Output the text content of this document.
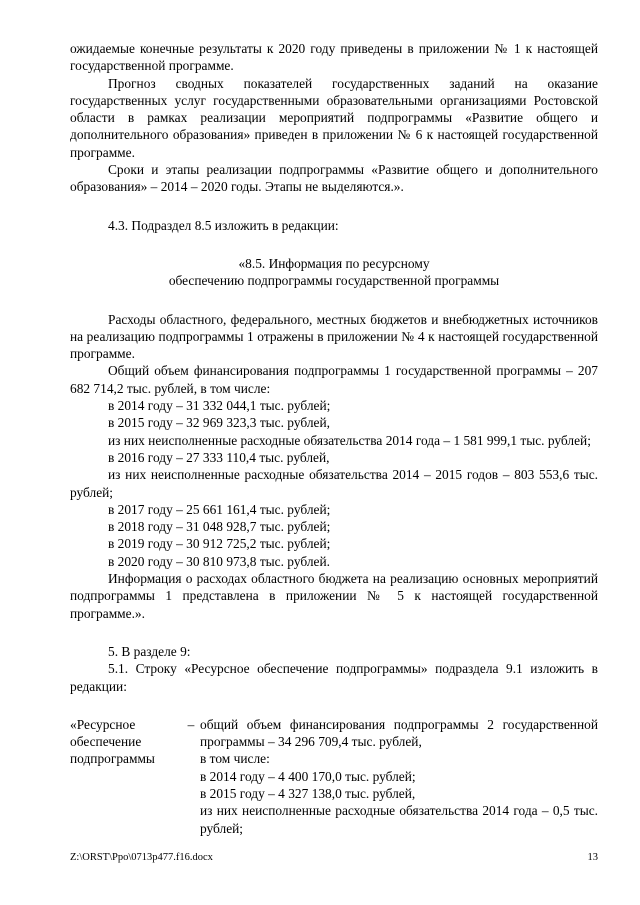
ожидаемые конечные результаты к 2020 году приведены в приложении № 1 к настоящей государственной программе.

Прогноз сводных показателей государственных заданий на оказание государственных услуг государственными образовательными организациями Ростовской области в рамках реализации мероприятий подпрограммы «Развитие общего и дополнительного образования» приведен в приложении № 6 к настоящей государственной программе.

Сроки и этапы реализации подпрограммы «Развитие общего и дополнительного образования» – 2014 – 2020 годы. Этапы не выделяются.».

4.3. Подраздел 8.5 изложить в редакции:

«8.5. Информация по ресурсному

обеспечению подпрограммы государственной программы

Расходы областного, федерального, местных бюджетов и внебюджетных источников на реализацию подпрограммы 1 отражены в приложении № 4 к настоящей государственной программе.

Общий объем финансирования подпрограммы 1 государственной программы – 207 682 714,2 тыс. рублей, в том числе:

в 2014 году – 31 332 044,1 тыс. рублей;

в 2015 году – 32 969 323,3 тыс. рублей,

из них неисполненные расходные обязательства 2014 года – 1 581 999,1 тыс. рублей;

в 2016 году – 27 333 110,4 тыс. рублей,

из них неисполненные расходные обязательства 2014 – 2015 годов – 803 553,6 тыс. рублей;

в 2017 году – 25 661 161,4 тыс. рублей;

в 2018 году – 31 048 928,7 тыс. рублей;

в 2019 году – 30 912 725,2 тыс. рублей;

в 2020 году – 30 810 973,8 тыс. рублей.

Информация о расходах областного бюджета на реализацию основных мероприятий подпрограммы 1 представлена в приложении № 5 к настоящей государственной программе.».

5. В разделе 9:

5.1. Строку «Ресурсное обеспечение подпрограммы» подраздела 9.1 изложить в редакции:

«Ресурсное обеспечение подпрограммы
– общий объем финансирования подпрограммы 2 государственной программы – 34 296 709,4 тыс. рублей,

в том числе:

в 2014 году – 4 400 170,0 тыс. рублей;

в 2015 году – 4 327 138,0 тыс. рублей,

из них неисполненные расходные обязательства 2014 года – 0,5 тыс. рублей;

Z:\ORST\Ppo\0713p477.f16.docx	13
